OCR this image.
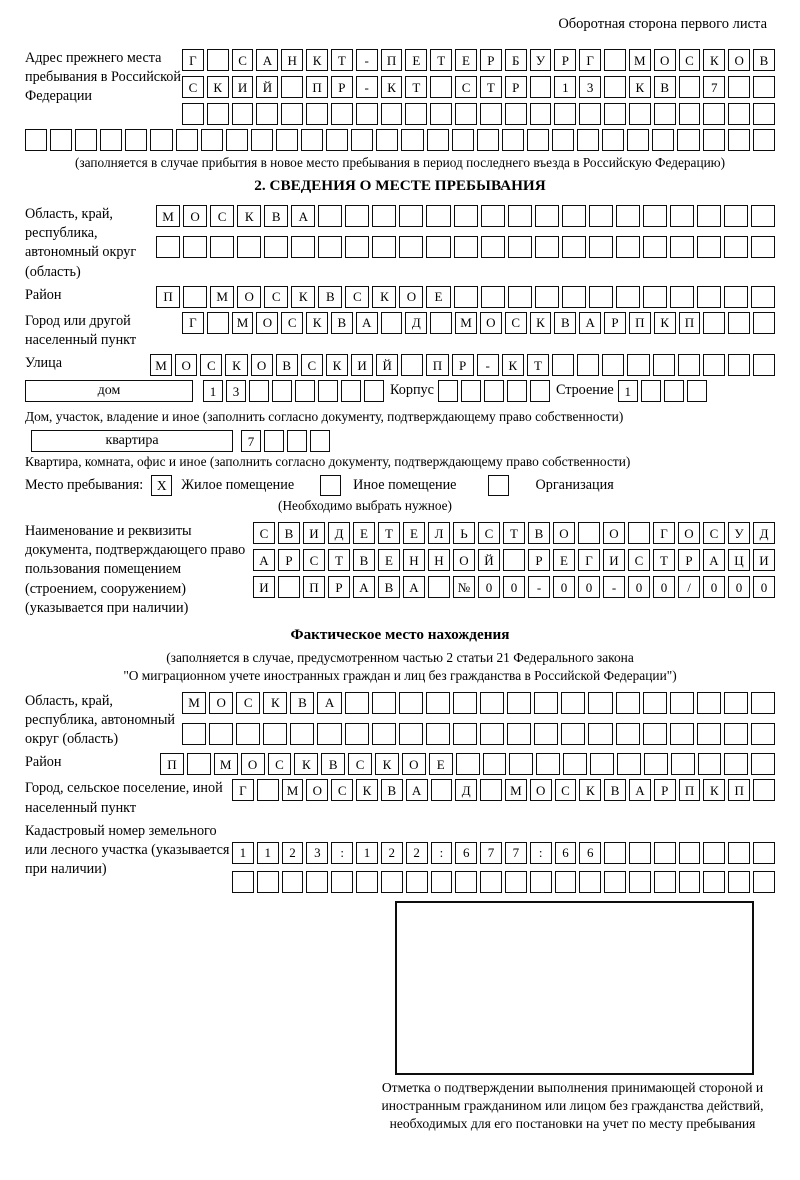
Оборотная сторона первого листа
Адрес прежнего места пребывания в Российской Федерации
Г	С	А	Н	К	Т	-	П	Е	Т	Е	Р	Б	У	Р	Г	М	О	С	К	О	В
С	К	И	Й	П	Р	-	К	Т	С	Т	Р	1	3	К	В	7
(заполняется в случае прибытия в новое место пребывания в период последнего въезда в Российскую Федерацию)
2. СВЕДЕНИЯ О МЕСТЕ ПРЕБЫВАНИЯ
Область, край, республика, автономный округ (область)
М	О	С	К	В	А
Район	П	М	О	С	К	В	С	К	О	Е
Город или другой населенный пункт
Г	М	О	С	К	В	А	Д	М	О	С	К	В	А	Р	П	К	П
Улица	М	О	С	К	О	В	С	К	И	Й	П	Р	-	К	Т
дом	1	3	Корпус	Строение 1
Дом, участок, владение и иное (заполнить согласно документу, подтверждающему право собственности)
квартира	7
Квартира, комната, офис и иное (заполнить согласно документу, подтверждающему право собственности)
Место пребывания:	X	Жилое помещение	Иное помещение	Организация
(Необходимо выбрать нужное)
Наименование и реквизиты документа, подтверждающего право пользования помещением (строением, сооружением) (указывается при наличии)
С	В	И	Д	Е	Т	Е	Л	Ь	С	Т	В	О	О	Г	О	С	У	Д
А	Р	С	Т	В	Е	Н	Н	О	Й	Р	Е	Г	И	С	Т	Р	А	Ц	И
И	П	Р	А	В	А	№	0	0	-	0	0	-	0	0	/	0	0	0
Фактическое место нахождения
(заполняется в случае, предусмотренном частью 2 статьи 21 Федерального закона
"О миграционном учете иностранных граждан и лиц без гражданства в Российской Федерации")
Область, край, республика, автономный округ (область)
М	О	С	К	В	А
Район	П	М	О	С	К	В	С	К	О	Е
Город, сельское поселение, иной населенный пункт
Г	М	О	С	К	В	А	Д	М	О	С	К	В	А	Р	П	К	П
Кадастровый номер земельного или лесного участка (указывается при наличии)
1	1	2	3	:	1	2	2	:	6	7	7	:	6	6
Отметка о подтверждении выполнения принимающей стороной и иностранным гражданином или лицом без гражданства действий, необходимых для его постановки на учет по месту пребывания
